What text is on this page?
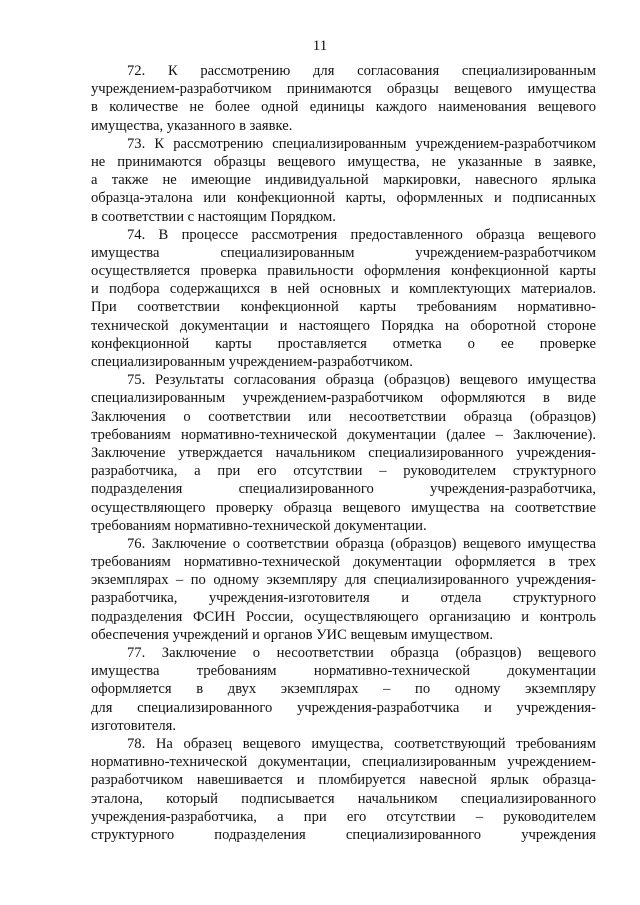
11
72. К рассмотрению для согласования специализированным
учреждением-разработчиком принимаются образцы вещевого имущества
в количестве не более одной единицы каждого наименования вещевого
имущества, указанного в заявке.
73. К рассмотрению специализированным учреждением-разработчиком
не принимаются образцы вещевого имущества, не указанные в заявке,
а также не имеющие индивидуальной маркировки, навесного ярлыка
образца-эталона или конфекционной карты, оформленных и подписанных
в соответствии с настоящим Порядком.
74. В процессе рассмотрения предоставленного образца вещевого
имущества специализированным учреждением-разработчиком
осуществляется проверка правильности оформления конфекционной карты
и подбора содержащихся в ней основных и комплектующих материалов.
При соответствии конфекционной карты требованиям нормативно-
технической документации и настоящего Порядка на оборотной стороне
конфекционной карты проставляется отметка о ее проверке
специализированным учреждением-разработчиком.
75. Результаты согласования образца (образцов) вещевого имущества
специализированным учреждением-разработчиком оформляются в виде
Заключения о соответствии или несоответствии образца (образцов)
требованиям нормативно-технической документации (далее – Заключение).
Заключение утверждается начальником специализированного учреждения-
разработчика, а при его отсутствии – руководителем структурного
подразделения специализированного учреждения-разработчика,
осуществляющего проверку образца вещевого имущества на соответствие
требованиям нормативно-технической документации.
76. Заключение о соответствии образца (образцов) вещевого имущества
требованиям нормативно-технической документации оформляется в трех
экземплярах – по одному экземпляру для специализированного учреждения-
разработчика, учреждения-изготовителя и отдела структурного
подразделения ФСИН России, осуществляющего организацию и контроль
обеспечения учреждений и органов УИС вещевым имуществом.
77. Заключение о несоответствии образца (образцов) вещевого
имущества требованиям нормативно-технической документации
оформляется в двух экземплярах – по одному экземпляру
для специализированного учреждения-разработчика и учреждения-
изготовителя.
78. На образец вещевого имущества, соответствующий требованиям
нормативно-технической документации, специализированным учреждением-
разработчиком навешивается и пломбируется навесной ярлык образца-
эталона, который подписывается начальником специализированного
учреждения-разработчика, а при его отсутствии – руководителем
структурного подразделения специализированного учреждения
